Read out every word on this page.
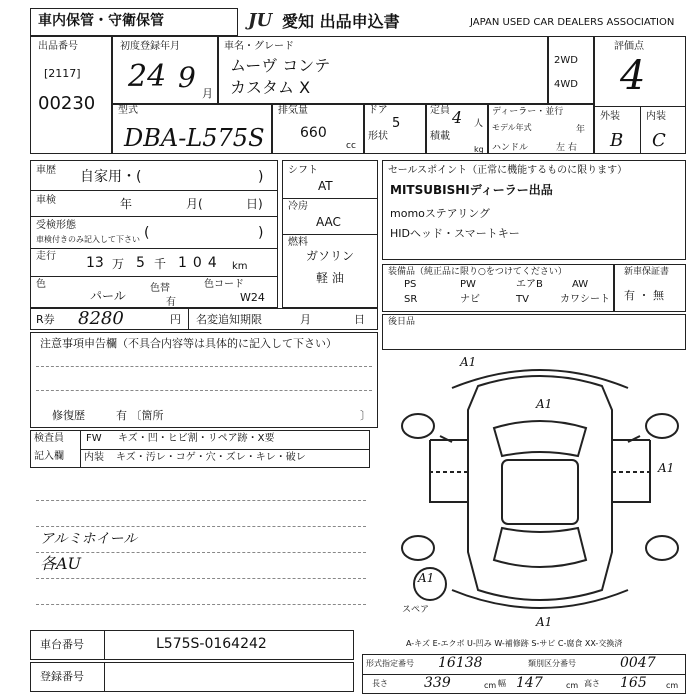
車内保管・守衛保管	JU 愛知 出品申込書	JAPAN USED CAR DEALERS ASSOCIATION
出品番号
[2117]
00230
初度登録年月
24 9 月
車名・グレード
ムーヴ コンテ
カスタム X
2WD
4WD
評価点
4
外装	内装
B C
型式
DBA-L575S
排気量
660
cc
ドア
5
形状
定員 4 人
積載
kg
ディーラー・並行
モデル年式	年
ハンドル	左 右
車歴 自家用・(	)
車検	年	月(	日)
受検形態
車検付きのみ記入して下さい (	)
走行 13 万 5 千 104 km
色
パール
色替
有
色コード
W24
シフト
AT
冷房
AAC
燃料
ガソリン
軽 油
セールスポイント（正常に機能するものに限ります）
MITSUBISHIディーラー出品
momoステアリング
HIDヘッド・スマートキー
装備品（純正品に限り○をつけてください）
PS	PW	エアB	AW
SR	ナビ	TV	カワシート
新車保証書
有 ・ 無
R券 8280	円 名変追知期限	月	日	後日品
注意事項申告欄（不具合内容等は具体的に記入して下さい）
修復歴	有 〔箇所	〕
検査員
記入欄
FW キズ・凹・ヒビ割・リペア跡・X要
内装 キズ・汚レ・コゲ・穴・ズレ・キレ・破レ
アルミホイール
各AU
A1
A1
A1
A1
A1
スペア
A-キズ E-エクボ U-凹み W-補修跡 S-サビ C-腐食 XX-交換済
車台番号	L575S-0164242
登録番号
形式指定番号 16138	類別区分番号	0047
長さ	339	cm 幅 147	cm 高さ 165 cm
